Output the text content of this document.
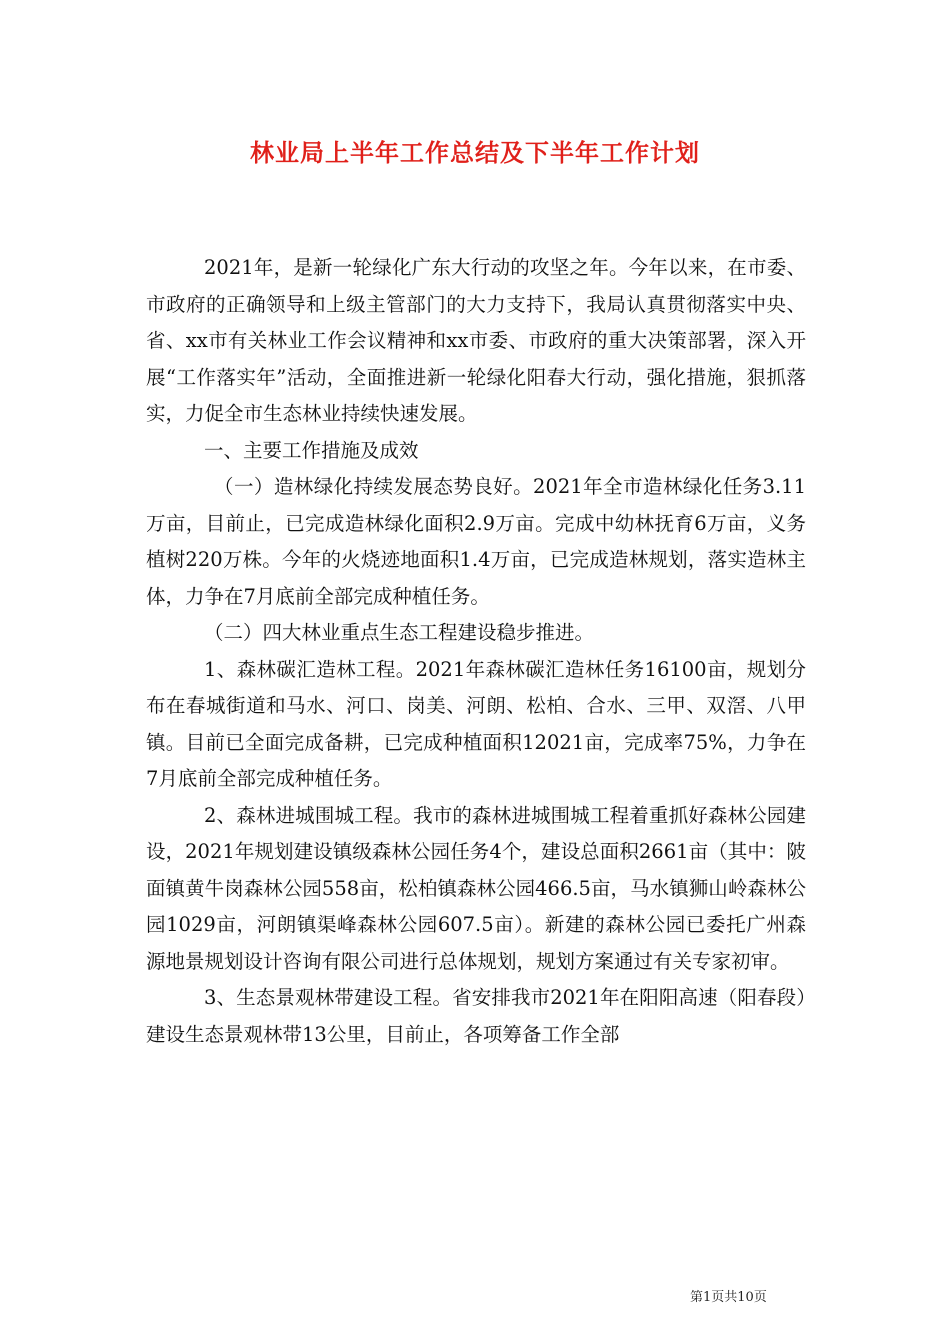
林业局上半年工作总结及下半年工作计划

2021年，是新一轮绿化广东大行动的攻坚之年。今年以来，在市委、市政府的正确领导和上级主管部门的大力支持下，我局认真贯彻落实中央、省、xx市有关林业工作会议精神和xx市委、市政府的重大决策部署，深入开展“工作落实年”活动，全面推进新一轮绿化阳春大行动，强化措施，狠抓落实，力促全市生态林业持续快速发展。

一、主要工作措施及成效

（一）造林绿化持续发展态势良好。2021年全市造林绿化任务3.11万亩，目前止，已完成造林绿化面积2.9万亩。完成中幼林抚育6万亩，义务植树220万株。今年的火烧迹地面积1.4万亩，已完成造林规划，落实造林主体，力争在7月底前全部完成种植任务。

（二）四大林业重点生态工程建设稳步推进。

1、森林碳汇造林工程。2021年森林碳汇造林任务16100亩，规划分布在春城街道和马水、河口、岗美、河朗、松柏、合水、三甲、双滘、八甲镇。目前已全面完成备耕，已完成种植面积12021亩，完成率75%，力争在7月底前全部完成种植任务。

2、森林进城围城工程。我市的森林进城围城工程着重抓好森林公园建设，2021年规划建设镇级森林公园任务4个，建设总面积2661亩（其中：陂面镇黄牛岗森林公园558亩，松柏镇森林公园466.5亩，马水镇狮山岭森林公园1029亩，河朗镇渠峰森林公园607.5亩）。新建的森林公园已委托广州森源地景规划设计咨询有限公司进行总体规划，规划方案通过有关专家初审。

3、生态景观林带建设工程。省安排我市2021年在阳阳高速（阳春段）建设生态景观林带13公里，目前止，各项筹备工作全部

第1页共10页
